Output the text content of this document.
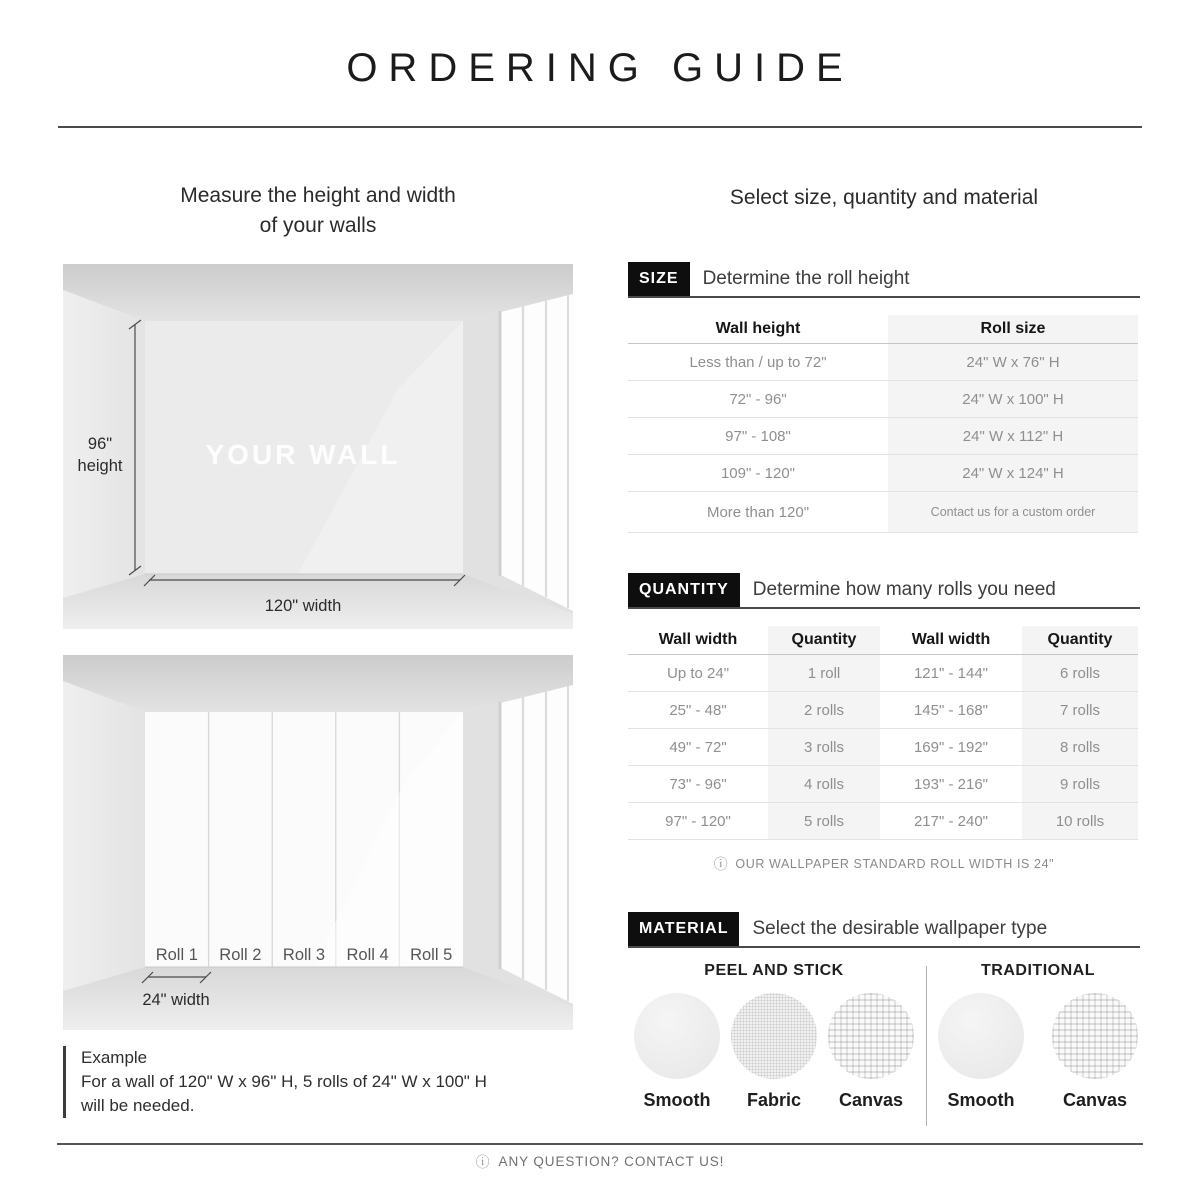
ORDERING GUIDE
Measure the height and width
of your walls
Select size, quantity and material
96"
height
120" width
YOUR WALL
Roll 1 Roll 2 Roll 3 Roll 4 Roll 5
24" width
SIZE	Determine the roll height
Wall height	Roll size
Less than / up to 72"	24" W x 76" H
72" - 96"	24" W x 100" H
97" - 108"	24" W x 112" H
109" - 120"	24" W x 124" H
More than 120"	Contact us for a custom order
QUANTITY	Determine how many rolls you need
Wall width	Quantity	Wall width	Quantity
Up to 24"	1 roll	121" - 144"	6 rolls
25" - 48"	2 rolls	145" - 168"	7 rolls
49" - 72"	3 rolls	169" - 192"	8 rolls
73" - 96"	4 rolls	193" - 216"	9 rolls
97" - 120"	5 rolls	217" - 240"	10 rolls
ⓘ OUR WALLPAPER STANDARD ROLL WIDTH IS 24"
MATERIAL	Select the desirable wallpaper type
PEEL AND STICK
Smooth Fabric Canvas
TRADITIONAL
Smooth	Canvas
Example
For a wall of 120" W x 96" H, 5 rolls of 24" W x 100" H
will be needed.
ⓘ ANY QUESTION? CONTACT US!
